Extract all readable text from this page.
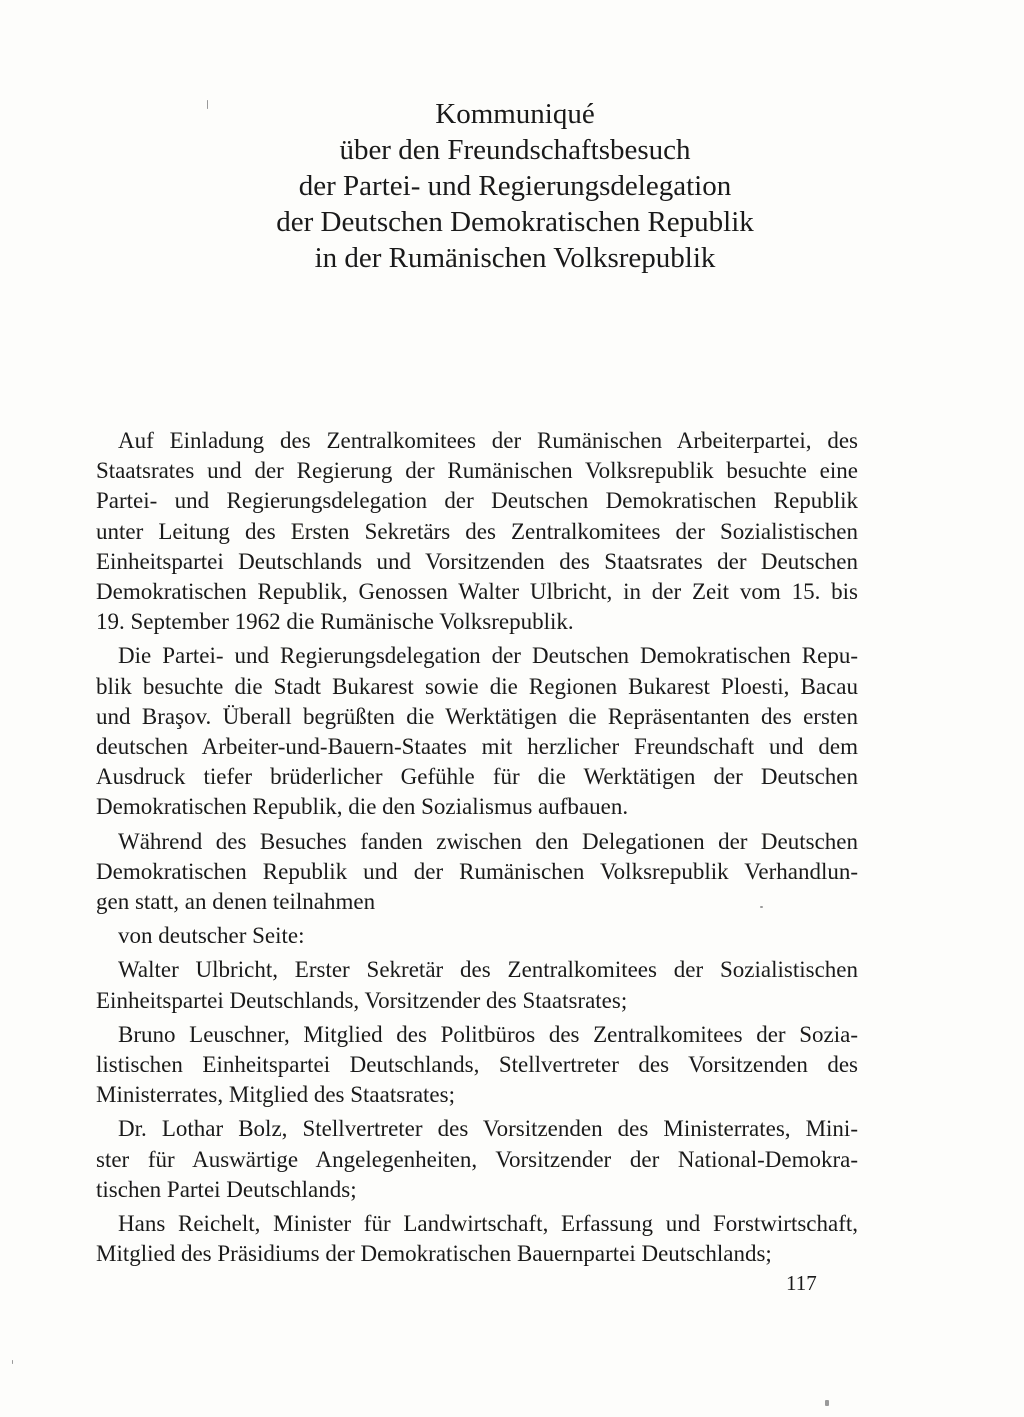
Kommuniqué
über den Freundschaftsbesuch
der Partei- und Regierungsdelegation
der Deutschen Demokratischen Republik
in der Rumänischen Volksrepublik
Auf Einladung des Zentralkomitees der Rumänischen Arbeiterpartei, des
Staatsrates und der Regierung der Rumänischen Volksrepublik besuchte eine
Partei- und Regierungsdelegation der Deutschen Demokratischen Republik
unter Leitung des Ersten Sekretärs des Zentralkomitees der Sozialistischen
Einheitspartei Deutschlands und Vorsitzenden des Staatsrates der Deutschen
Demokratischen Republik, Genossen Walter Ulbricht, in der Zeit vom 15. bis
19. September 1962 die Rumänische Volksrepublik.
Die Partei- und Regierungsdelegation der Deutschen Demokratischen Repu-
blik besuchte die Stadt Bukarest sowie die Regionen Bukarest Ploesti, Bacau
und Braşov. Überall begrüßten die Werktätigen die Repräsentanten des ersten
deutschen Arbeiter-und-Bauern-Staates mit herzlicher Freundschaft und dem
Ausdruck tiefer brüderlicher Gefühle für die Werktätigen der Deutschen
Demokratischen Republik, die den Sozialismus aufbauen.
Während des Besuches fanden zwischen den Delegationen der Deutschen
Demokratischen Republik und der Rumänischen Volksrepublik Verhandlun-
gen statt, an denen teilnahmen
von deutscher Seite:
Walter Ulbricht, Erster Sekretär des Zentralkomitees der Sozialistischen
Einheitspartei Deutschlands, Vorsitzender des Staatsrates;
Bruno Leuschner, Mitglied des Politbüros des Zentralkomitees der Sozia-
listischen Einheitspartei Deutschlands, Stellvertreter des Vorsitzenden des
Ministerrates, Mitglied des Staatsrates;
Dr. Lothar Bolz, Stellvertreter des Vorsitzenden des Ministerrates, Mini-
ster für Auswärtige Angelegenheiten, Vorsitzender der National-Demokra-
tischen Partei Deutschlands;
Hans Reichelt, Minister für Landwirtschaft, Erfassung und Forstwirtschaft,
Mitglied des Präsidiums der Demokratischen Bauernpartei Deutschlands;
117
